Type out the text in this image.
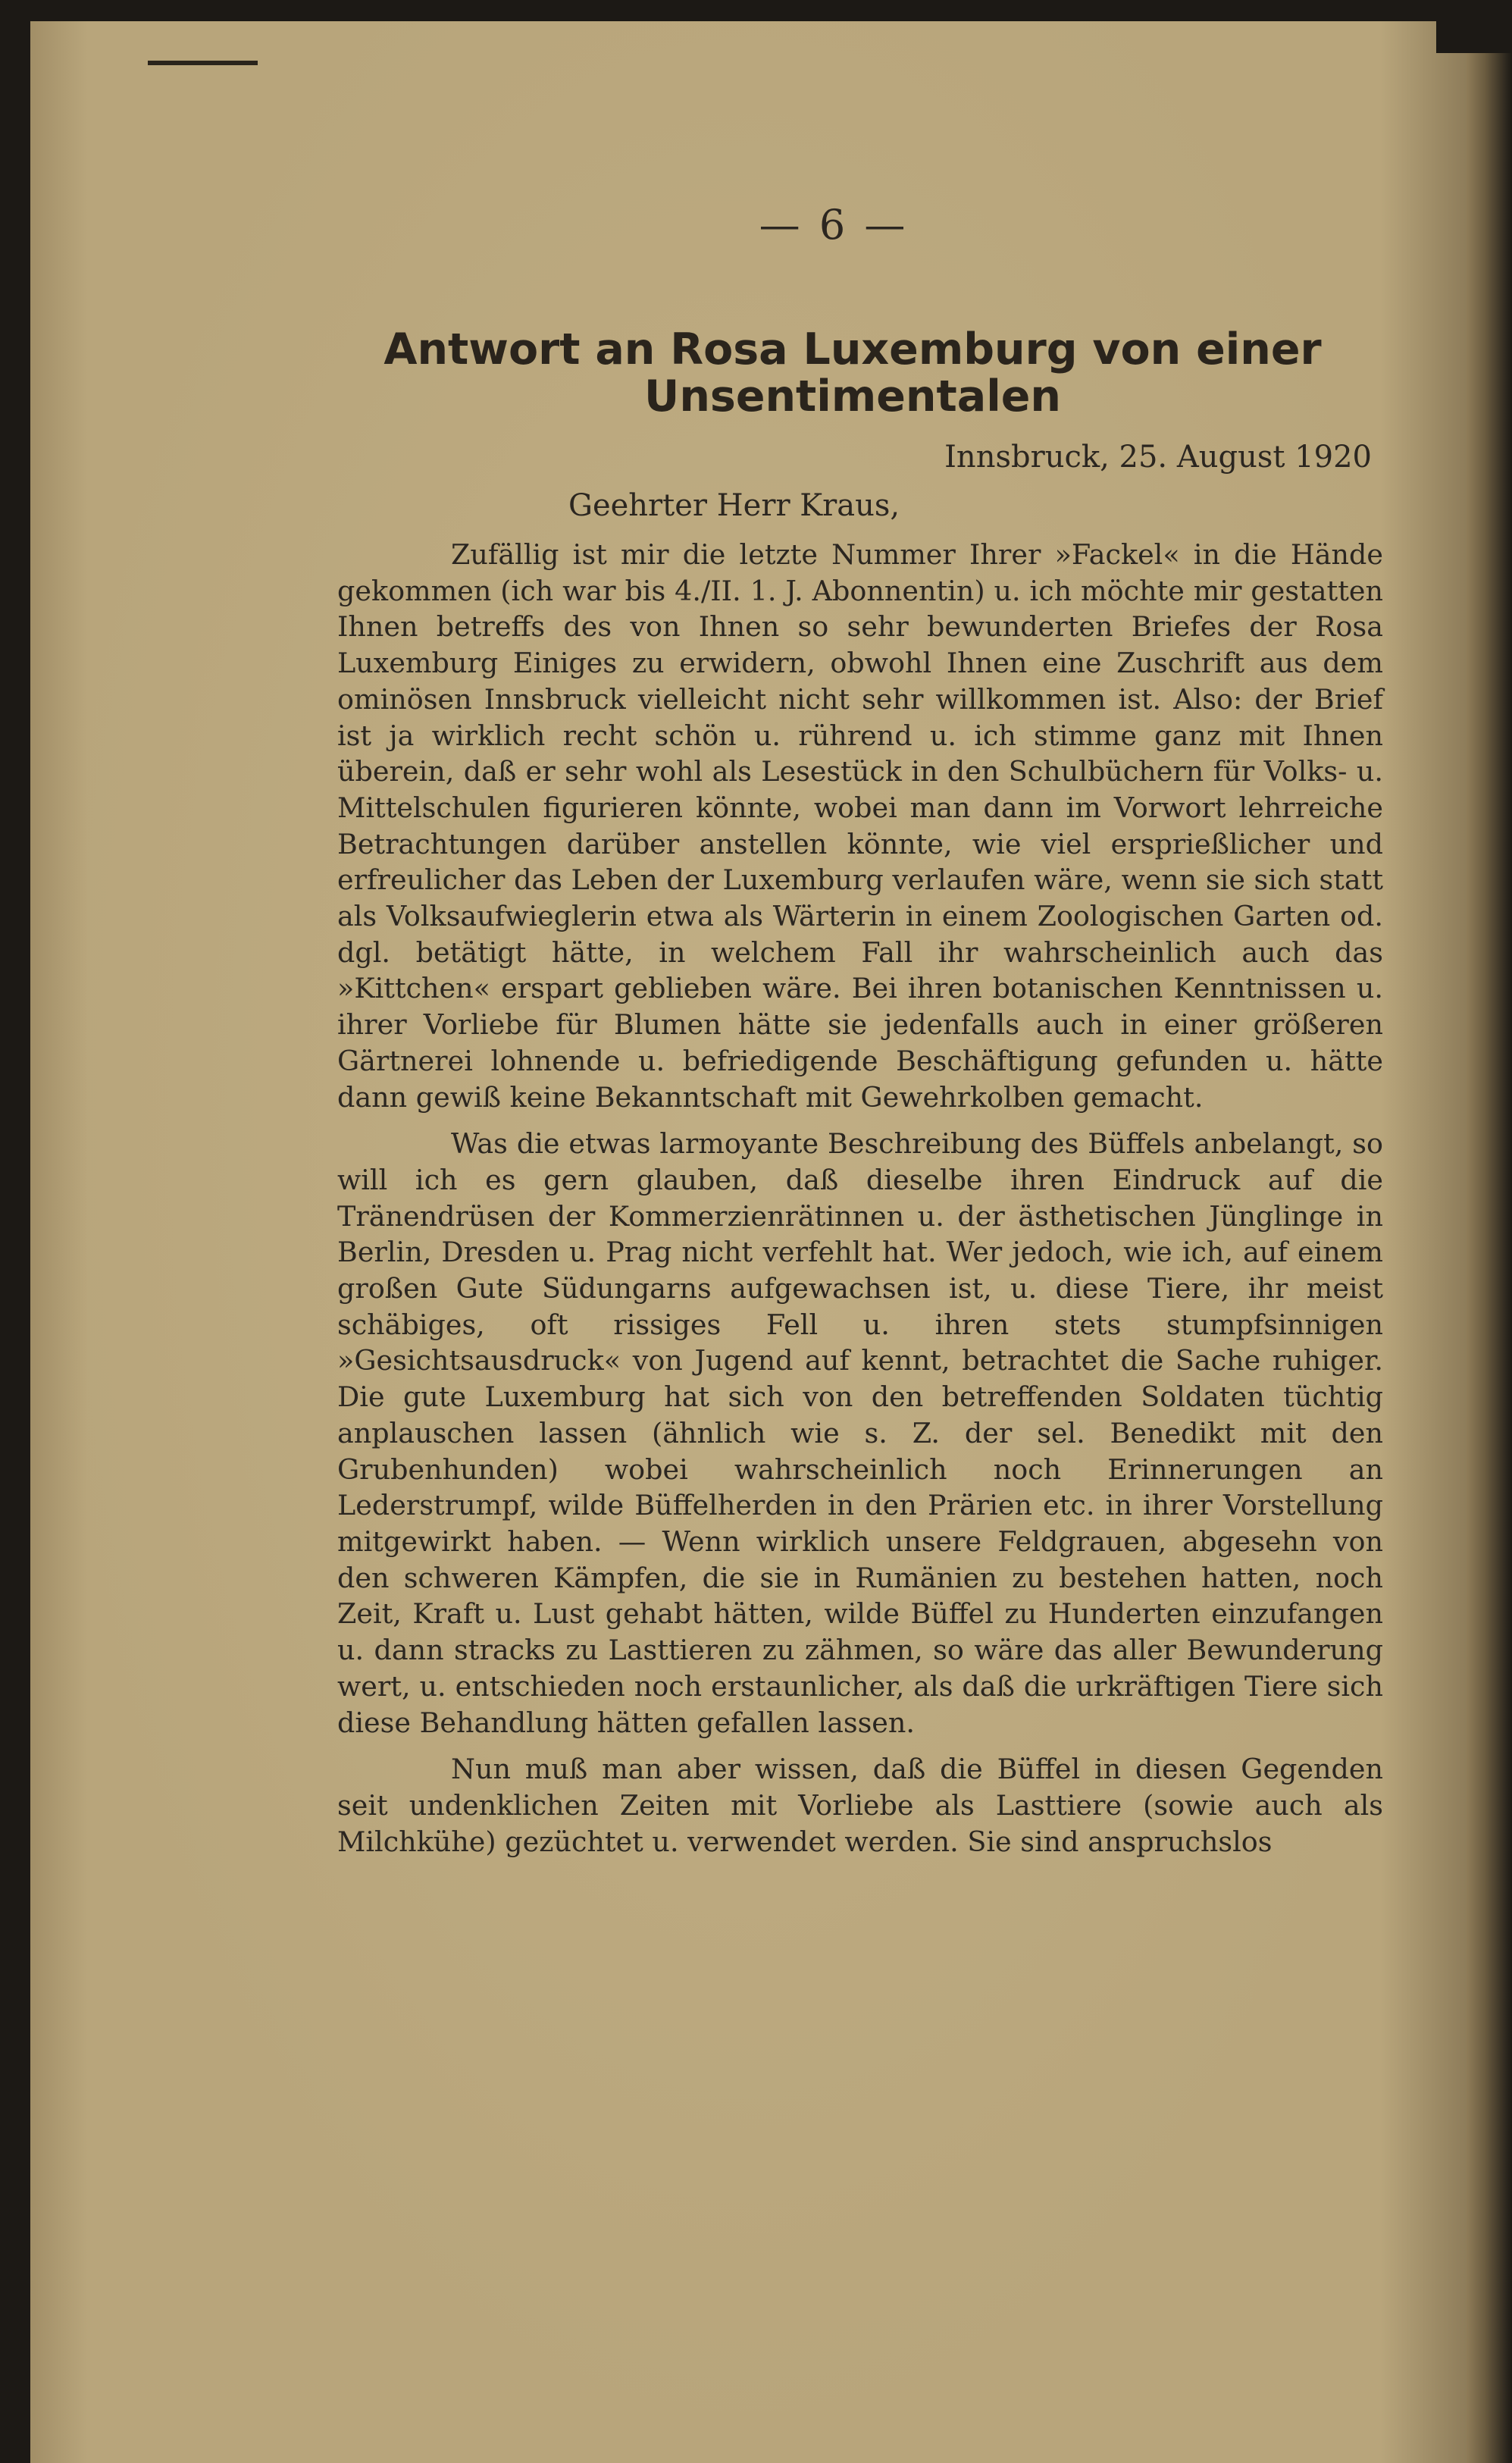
— 6 —
Antwort an Rosa Luxemburg von einer Unsentimentalen
Innsbruck, 25. August 1920
Geehrter Herr Kraus,

Zufällig ist mir die letzte Nummer Ihrer »Fackel« in die Hände gekommen (ich war bis 4./II. 1. J. Abonnentin) u. ich möchte mir gestatten Ihnen betreffs des von Ihnen so sehr bewunderten Briefes der Rosa Luxemburg Einiges zu erwidern, obwohl Ihnen eine Zuschrift aus dem ominösen Innsbruck vielleicht nicht sehr willkommen ist. Also: der Brief ist ja wirklich recht schön u. rührend u. ich stimme ganz mit Ihnen überein, daß er sehr wohl als Lesestück in den Schulbüchern für Volks- u. Mittelschulen figurieren könnte, wobei man dann im Vorwort lehrreiche Betrachtungen darüber anstellen könnte, wie viel ersprießlicher und erfreulicher das Leben der Luxemburg verlaufen wäre, wenn sie sich statt als Volksaufwieglerin etwa als Wärterin in einem Zoologischen Garten od. dgl. betätigt hätte, in welchem Fall ihr wahrscheinlich auch das »Kittchen« erspart geblieben wäre. Bei ihren botanischen Kenntnissen u. ihrer Vorliebe für Blumen hätte sie jedenfalls auch in einer größeren Gärtnerei lohnende u. befriedigende Beschäftigung gefunden u. hätte dann gewiß keine Bekanntschaft mit Gewehrkolben gemacht.

Was die etwas larmoyante Beschreibung des Büffels anbelangt, so will ich es gern glauben, daß dieselbe ihren Eindruck auf die Tränendrüsen der Kommerzienrätinnen u. der ästhetischen Jünglinge in Berlin, Dresden u. Prag nicht verfehlt hat. Wer jedoch, wie ich, auf einem großen Gute Südungarns aufgewachsen ist, u. diese Tiere, ihr meist schäbiges, oft rissiges Fell u. ihren stets stumpfsinnigen »Gesichtsausdruck« von Jugend auf kennt, betrachtet die Sache ruhiger. Die gute Luxemburg hat sich von den betreffenden Soldaten tüchtig anplauschen lassen (ähnlich wie s. Z. der sel. Benedikt mit den Grubenhunden) wobei wahrscheinlich noch Erinnerungen an Lederstrumpf, wilde Büffelherden in den Prärien etc. in ihrer Vorstellung mitgewirkt haben. — Wenn wirklich unsere Feldgrauen, abgesehn von den schweren Kämpfen, die sie in Rumänien zu bestehen hatten, noch Zeit, Kraft u. Lust gehabt hätten, wilde Büffel zu Hunderten einzufangen u. dann stracks zu Lasttieren zu zähmen, so wäre das aller Bewunderung wert, u. entschieden noch erstaunlicher, als daß die urkräftigen Tiere sich diese Behandlung hätten gefallen lassen.

Nun muß man aber wissen, daß die Büffel in diesen Gegenden seit undenklichen Zeiten mit Vorliebe als Lasttiere (sowie auch als Milchkühe) gezüchtet u. verwendet werden. Sie sind anspruchslos
